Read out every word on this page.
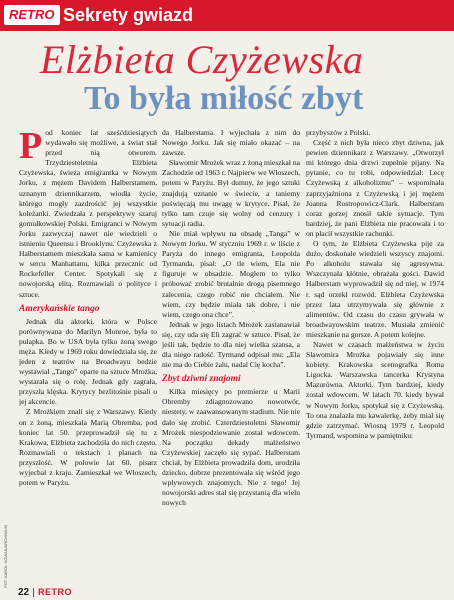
RETRO Sekrety gwiazd
Elżbieta Czyżewska
To była miłość zbyt

Pod koniec lat sześćdziesiątych wydawało się możliwe, a świat stał przed nią otworem. Trzydziestoletnia Elżbieta Czyżewska, świeża emigrantka w Nowym Jorku, z mężem Davidem Halberstamem, uznanym dziennikarzem, wiodła życie, którego mogły zazdrościć jej wszystkie koleżanki. Zwiedzała z perspektywy szaruj gomułkowskiej Polski. Emigranci w Nowym Jorku zazwyczaj nawet nie wiedzieli o istnieniu Queensu i Brooklynu. Czyżewska z Halberstamem mieszkała sama w kamienicy w sercu Manhattanu, kilka przecznic od Rockefeller Center. Spotykali się z nowojorską elitą. Rozmawiali o polityce i sztuce.

Amerykańskie tango

Jednak dla aktorki, która w Polsce porównywana do Marilyn Monroe, była to pułapka. Bo w USA była tylko żoną swego męża. Kiedy w 1969 roku dowiedziała się, że jeden z teatrów na Broadwayu bedzie wystawiał „Tango” oparte na sztuce Mrożka, wystarała się o rolę. Jednak gdy zagrała, przyszła klęska. Krytycy bezlitośnie pisali o jej akcencie.

Z Mrożkiem znali się z Warszawy. Kiedy on z żoną, mieszkała Marią Obremba, pod koniec lat 50. przeprowadził się tu z Krakowa, Elżbieta zachodziła do nich często. Rozmawiali o tekstach i planach na przyszłość. W połowie lat 60. pisarz wyjechał z kraju. Zamieszkał we Włoszech, potem w Paryżu.

da Halberstama. I wyjechała z nim do Nowego Jorku. Jak się miało okazać – na zawsze.

Sławomir Mrożek wraz z żoną mieszkał na Zachodzie od 1963 r. Najpierw we Włoszech, potem w Paryżu. Był dumny, że jego sztuki znajdują uznanie w świecie, a taniemy poświęcają mu uwagę w krytyce. Pisał, że tylko tam czuje się wolny od cenzury i sytuacji radia.

Nie miał wpływu na obsadę „Tanga” w Nowym Jorku. W styczniu 1969 r. w liście z Paryża do innego emigranta, Leopolda Tyrmanda, pisał: „O tle wiem, Ela nie figuruje w obsadzie. Mogłem to tylko próbować zrobić brutalnie drogą pisemnego zalecenia, czego robić nie chciałem. Nie wiem, czy będzie miała tak dobre, i nie wiem, czego ona chce”.

Jednak w jego listach Mrożek zastanawiał się, czy uda się Eli zagrać w sztuce. Pisał, że jeśli tak, będzie to dla niej wielka szansa, a dla niego radość. Tyrmand odpisał mu: „Ela nie ma do Ciebie żalu, nadal Cię kocha”.

Zbyt dziwni znajomi

Kilka miesięcy po premierze u Marii Obremby zdiagnozowano nowotwór, niestety, w zaawansowanym stadium. Nie nie dało się zrobić. Czterdziestoletni Sławomir Mrożek niespodziewanie został wdowcem. Na początku dekady małżeństwo Czyżewskiej zaczęło się sypać. Halberstam chciał, by Elżbieta prowadziła dom, urodziła dziecko, dobrze prezentowała się wśród jego wpływowych znajomych. Nie z tego! Jej nowojorski adres stał się przystanią dla wielu nowych

przybyszów z Polski.

Część z nich była nieco zbyt dziwna, jak pewien dziennikarz z Warszawy. „Otworzył mi którego dnia drzwi zupełnie pijany. Na pytanie, co tu robi, odpowiedział: Lecę Czyżewską z alkoholizmu” – wspominała zaprzyjaźniona z Czyżewską i jej mężem Joanna Rostropowicz-Clark. Halberstam coraz gorzej znosił takie sytuacje. Tym bardziej, że pani Elżbieta nie pracowała i to on płacił wszystkie rachunki.

O tym, że Elżbieta Czyżewska pije za dużo, doskonale wiedzieli wszyscy znajomi. Po alkoholu stawała się agresywna. Wszczynała kłótnie, obrażała gości. Dawid Halberstam wyprowadził się od niej, w 1974 r. sąd orzekł rozwód. Elżbieta Czyżewska przez lata utrzymywała się głównie z alimentów. Od czasu do czasu grywała w broadwayowskim teatrze. Musiała zmienić mieszkanie na gorsze. A potem kolejne.

Nawet w czasach małżeństwa w życiu Sławomira Mrożka pojawiały się inne kobiety. Krakowska scenografka Roma Ligocka. Warszawska tancerka Krystyna Mazurówna. Aktorki. Tym bardziej, kiedy został wdowcem. W latach 70. kiedy bywał w Nowym Jorku, spotykał się z Czyżewską. To ona znalazła mu kawalerkę, żeby miał się gdzie zatrzymać. Wiosną 1979 r. Leopold Tyrmand, wspomina w pamiętniku:

FOT. KAROL NOWAK/ARCHIWUM
22 RETRO
